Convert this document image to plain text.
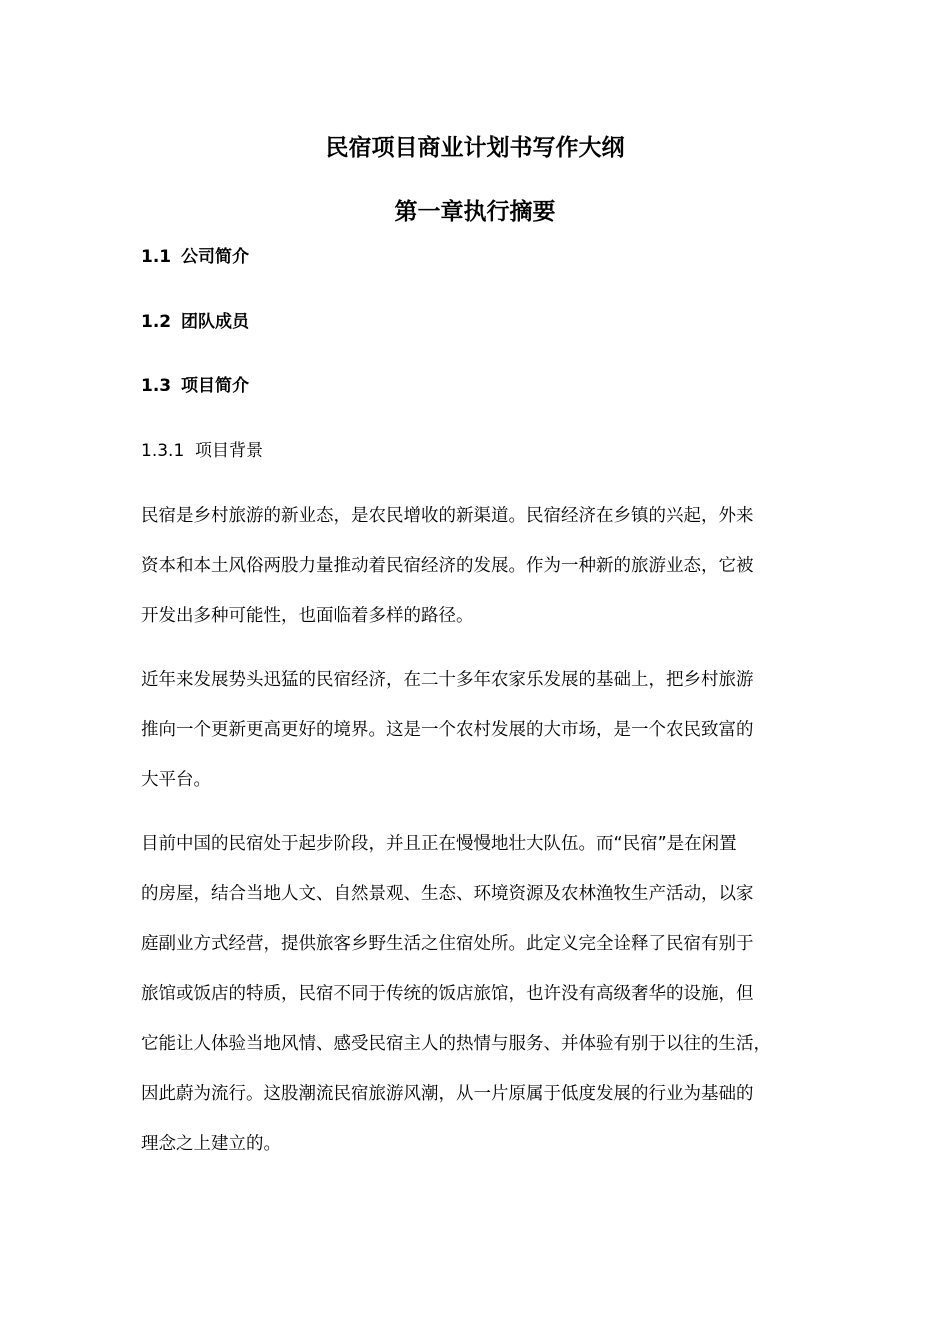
民宿项目商业计划书写作大纲
第一章执行摘要
1.1 公司简介
1.2 团队成员
1.3 项目简介
1.3.1 项目背景

民宿是乡村旅游的新业态，是农民增收的新渠道。民宿经济在乡镇的兴起，外来
资本和本土风俗两股力量推动着民宿经济的发展。作为一种新的旅游业态，它被
开发出多种可能性，也面临着多样的路径。

近年来发展势头迅猛的民宿经济，在二十多年农家乐发展的基础上，把乡村旅游
推向一个更新更高更好的境界。这是一个农村发展的大市场，是一个农民致富的
大平台。

目前中国的民宿处于起步阶段，并且正在慢慢地壮大队伍。而“民宿”是在闲置
的房屋，结合当地人文、自然景观、生态、环境资源及农林渔牧生产活动，以家
庭副业方式经营，提供旅客乡野生活之住宿处所。此定义完全诠释了民宿有别于
旅馆或饭店的特质，民宿不同于传统的饭店旅馆，也许没有高级奢华的设施，但
它能让人体验当地风情、感受民宿主人的热情与服务、并体验有别于以往的生活，
因此蔚为流行。这股潮流民宿旅游风潮，从一片原属于低度发展的行业为基础的
理念之上建立的。
